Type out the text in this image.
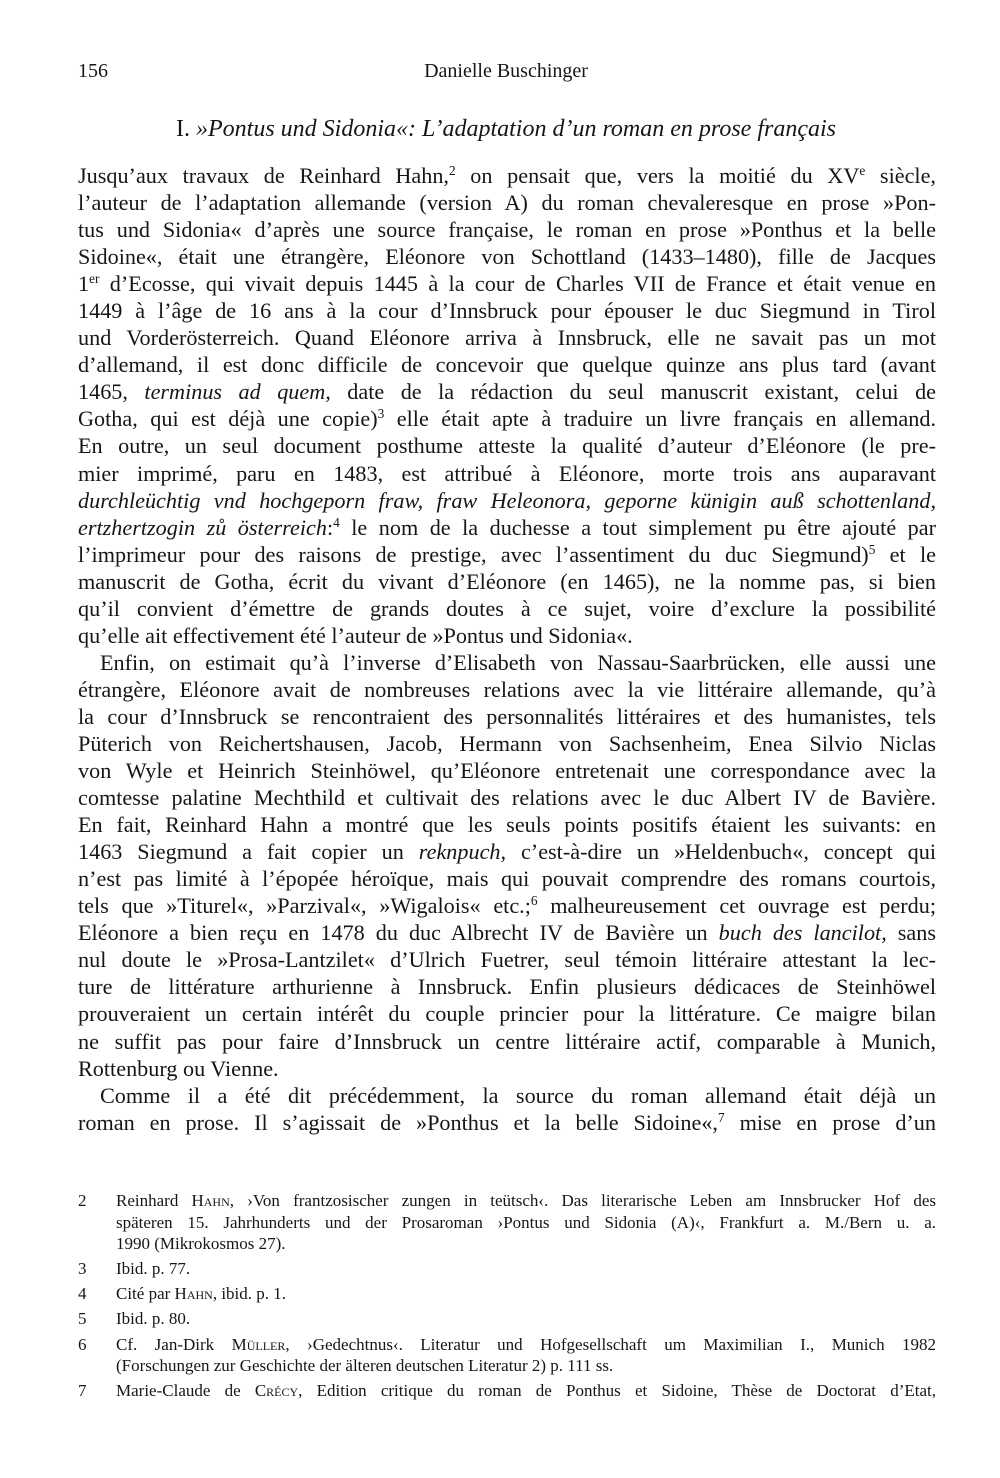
156	Danielle Buschinger
I. »Pontus und Sidonia«: L’adaptation d’un roman en prose français
Jusqu’aux travaux de Reinhard Hahn,$^2$ on pensait que, vers la moitié du XVe siècle,
l’auteur de l’adaptation allemande (version A) du roman chevaleresque en prose »Pon-
tus und Sidonia« d’après une source française, le roman en prose »Ponthus et la belle
Sidoine«, était une étrangère, Eléonore von Schottland (1433–1480), fille de Jacques
1er d’Ecosse, qui vivait depuis 1445 à la cour de Charles VII de France et était venue en
1449 à l’âge de 16 ans à la cour d’Innsbruck pour épouser le duc Siegmund in Tirol
und Vorderösterreich. Quand Eléonore arriva à Innsbruck, elle ne savait pas un mot
d’allemand, il est donc difficile de concevoir que quelque quinze ans plus tard (avant
1465, terminus ad quem, date de la rédaction du seul manuscrit existant, celui de
Gotha, qui est déjà une copie)$^3$ elle était apte à traduire un livre français en allemand.
En outre, un seul document posthume atteste la qualité d’auteur d’Eléonore (le pre-
mier imprimé, paru en 1483, est attribué à Eléonore, morte trois ans auparavant
durchleüchtig vnd hochgeporn fraw, fraw Heleonora, geporne künigin auß schottenland,
ertzhertzogin zů österreich:$^4$ le nom de la duchesse a tout simplement pu être ajouté par
l’imprimeur pour des raisons de prestige, avec l’assentiment du duc Siegmund)$^5$ et le
manuscrit de Gotha, écrit du vivant d’Eléonore (en 1465), ne la nomme pas, si bien
qu’il convient d’émettre de grands doutes à ce sujet, voire d’exclure la possibilité
qu’elle ait effectivement été l’auteur de »Pontus und Sidonia«.
Enfin, on estimait qu’à l’inverse d’Elisabeth von Nassau-Saarbrücken, elle aussi une
étrangère, Eléonore avait de nombreuses relations avec la vie littéraire allemande, qu’à
la cour d’Innsbruck se rencontraient des personnalités littéraires et des humanistes, tels
Püterich von Reichertshausen, Jacob, Hermann von Sachsenheim, Enea Silvio Niclas
von Wyle et Heinrich Steinhöwel, qu’Eléonore entretenait une correspondance avec la
comtesse palatine Mechthild et cultivait des relations avec le duc Albert IV de Bavière.
En fait, Reinhard Hahn a montré que les seuls points positifs étaient les suivants: en
1463 Siegmund a fait copier un reknpuch, c’est-à-dire un »Heldenbuch«, concept qui
n’est pas limité à l’épopée héroïque, mais qui pouvait comprendre des romans courtois,
tels que »Titurel«, »Parzival«, »Wigalois« etc.;$^6$ malheureusement cet ouvrage est perdu;
Eléonore a bien reçu en 1478 du duc Albrecht IV de Bavière un buch des lancilot, sans
nul doute le »Prosa-Lantzilet« d’Ulrich Fuetrer, seul témoin littéraire attestant la lec-
ture de littérature arthurienne à Innsbruck. Enfin plusieurs dédicaces de Steinhöwel
prouveraient un certain intérêt du couple princier pour la littérature. Ce maigre bilan
ne suffit pas pour faire d’Innsbruck un centre littéraire actif, comparable à Munich,
Rottenburg ou Vienne.
Comme il a été dit précédemment, la source du roman allemand était déjà un
roman en prose. Il s’agissait de »Ponthus et la belle Sidoine«,$^7$ mise en prose d’un
2	Reinhard Hahn, ›Von frantzosischer zungen in teütsch‹. Das literarische Leben am Innsbrucker Hof des
späteren 15. Jahrhunderts und der Prosaroman ›Pontus und Sidonia (A)‹, Frankfurt a. M./Bern u. a.
1990 (Mikrokosmos 27).
3	Ibid. p. 77.
4	Cité par Hahn, ibid. p. 1.
5	Ibid. p. 80.
6	Cf. Jan-Dirk Müller, ›Gedechtnus‹. Literatur und Hofgesellschaft um Maximilian I., Munich 1982
(Forschungen zur Geschichte der älteren deutschen Literatur 2) p. 111 ss.
7	Marie-Claude de Crécy, Edition critique du roman de Ponthus et Sidoine, Thèse de Doctorat d’Etat,
